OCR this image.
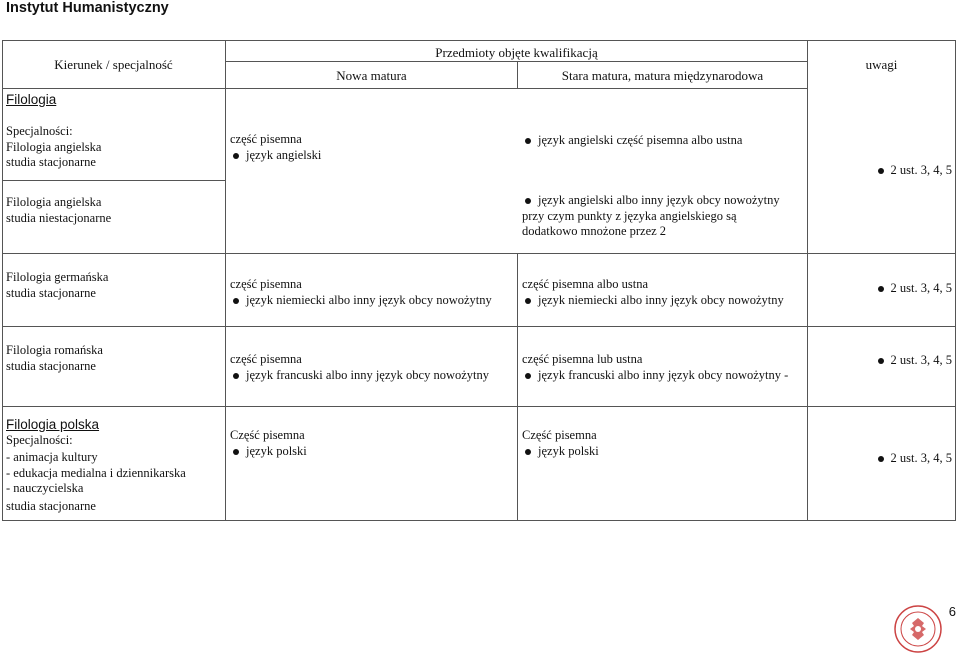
Instytut Humanistyczny
Kierunek / specjalność
Przedmioty objęte kwalifikacją
Nowa matura	Stara matura, matura międzynarodowa
uwagi
Filologia
Specjalności:
Filologia angielska
studia stacjonarne
część pisemna
język angielski
język angielski część pisemna albo ustna
2 ust. 3, 4, 5
Filologia angielska
studia niestacjonarne
język angielski albo inny język obcy nowożytny
przy czym punkty z języka angielskiego są
dodatkowo mnożone przez 2
Filologia germańska
studia stacjonarne
część pisemna
język niemiecki albo inny język obcy nowożytny
część pisemna albo ustna
język niemiecki albo inny język obcy nowożytny
2 ust. 3, 4, 5
Filologia romańska
studia stacjonarne	część pisemna
język francuski albo inny język obcy nowożytny
część pisemna lub ustna
język francuski albo inny język obcy nowożytny -
2 ust. 3, 4, 5
Filologia polska
Specjalności:
- animacja kultury
- edukacja medialna i dziennikarska
- nauczycielska
studia stacjonarne
Część pisemna
język polski
Część pisemna
język polski
2 ust. 3, 4, 5
6
